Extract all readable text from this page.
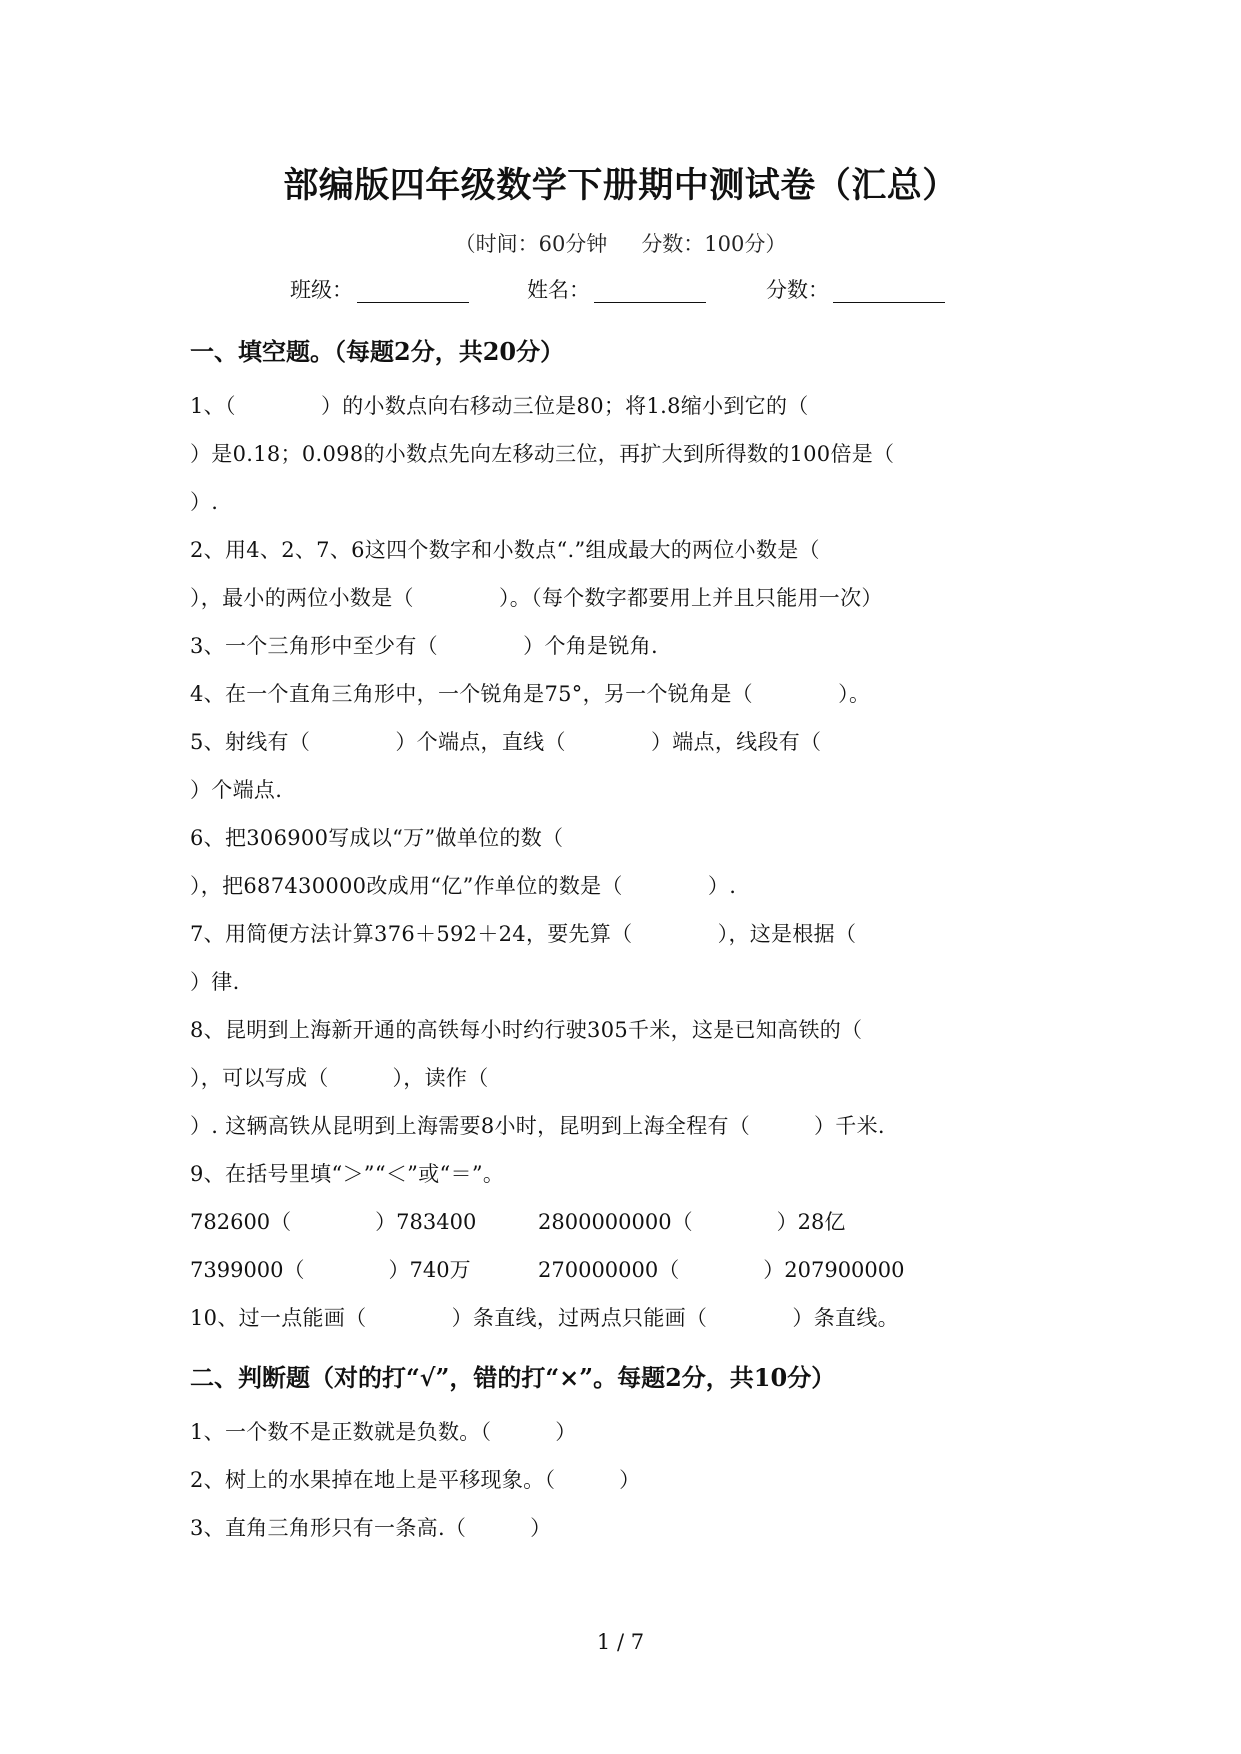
部编版四年级数学下册期中测试卷（汇总）
（时间：60分钟 分数：100分）
班级：	姓名：	分数：
一、填空题。（每题2分，共20分）
1、（　　　　）的小数点向右移动三位是80；将1.8缩小到它的（
）是0.18；0.098的小数点先向左移动三位，再扩大到所得数的100倍是（
）.
2、用4、2、7、6这四个数字和小数点“.”组成最大的两位小数是（
），最小的两位小数是（　　　　）。（每个数字都要用上并且只能用一次）
3、一个三角形中至少有（　　　　）个角是锐角.
4、在一个直角三角形中，一个锐角是75°，另一个锐角是（　　　　）。
5、射线有（　　　　）个端点，直线（　　　　）端点，线段有（
）个端点.
6、把306900写成以“万”做单位的数（
），把687430000改成用“亿”作单位的数是（　　　　）.
7、用简便方法计算376＋592＋24，要先算（　　　　），这是根据（
）律.
8、昆明到上海新开通的高铁每小时约行驶305千米，这是已知高铁的（
），可以写成（　　　），读作（
）. 这辆高铁从昆明到上海需要8小时，昆明到上海全程有（　　　）千米.
9、在括号里填“＞”“＜”或“＝”。
782600（　　　　）783400	2800000000（　　　　）28亿
7399000（　　　　）740万	270000000（　　　　）207900000
10、过一点能画（　　　　）条直线，过两点只能画（　　　　）条直线。
二、判断题（对的打“√”，错的打“×”。每题2分，共10分）
1、一个数不是正数就是负数。（　　　）
2、树上的水果掉在地上是平移现象。（　　　）
3、直角三角形只有一条高.（　　　）
1 / 7
